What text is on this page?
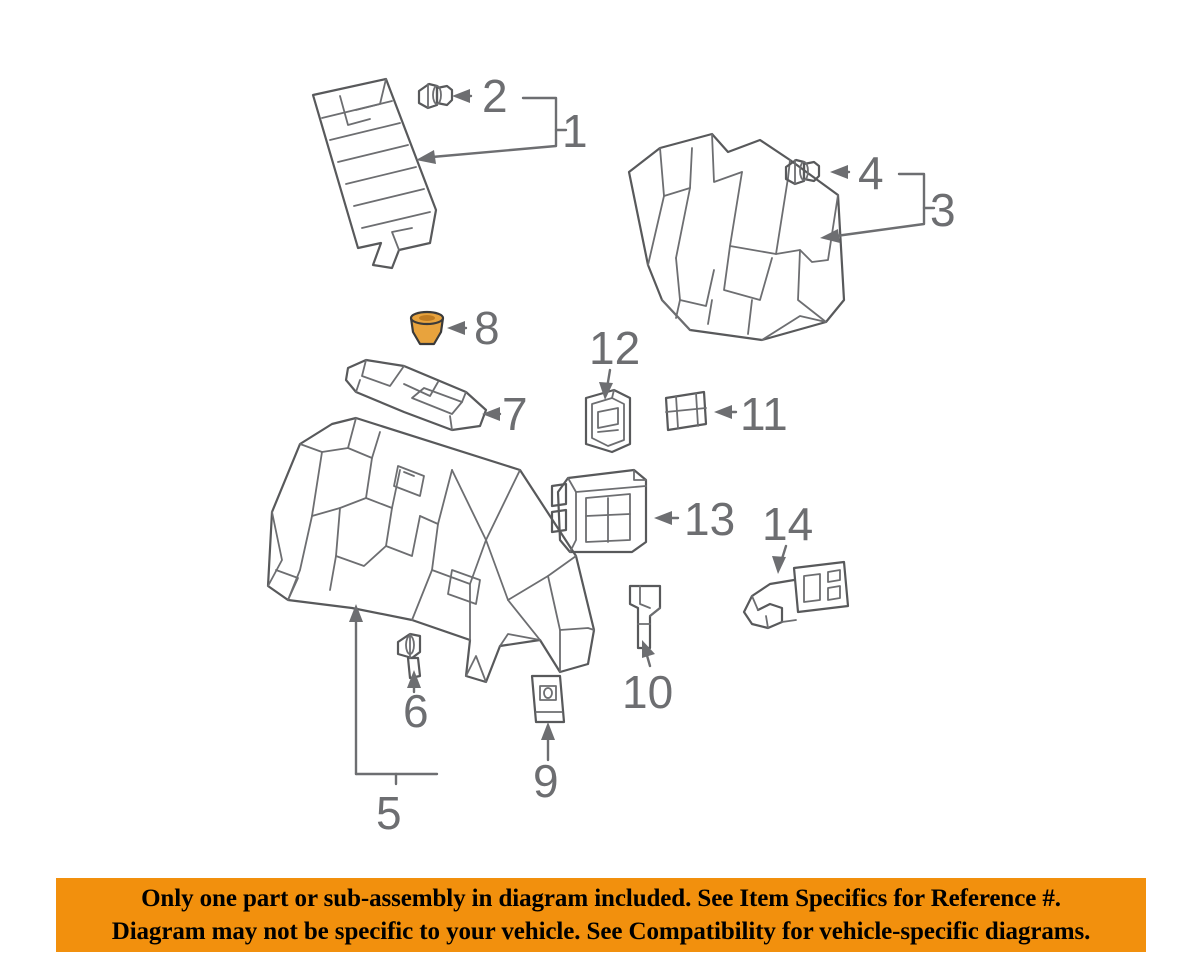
2
1
4
3
8
7
12
11
13 14
10
9
6
5
Only one part or sub-assembly in diagram included. See Item Specifics for Reference #.
Diagram may not be specific to your vehicle. See Compatibility for vehicle-specific diagrams.
